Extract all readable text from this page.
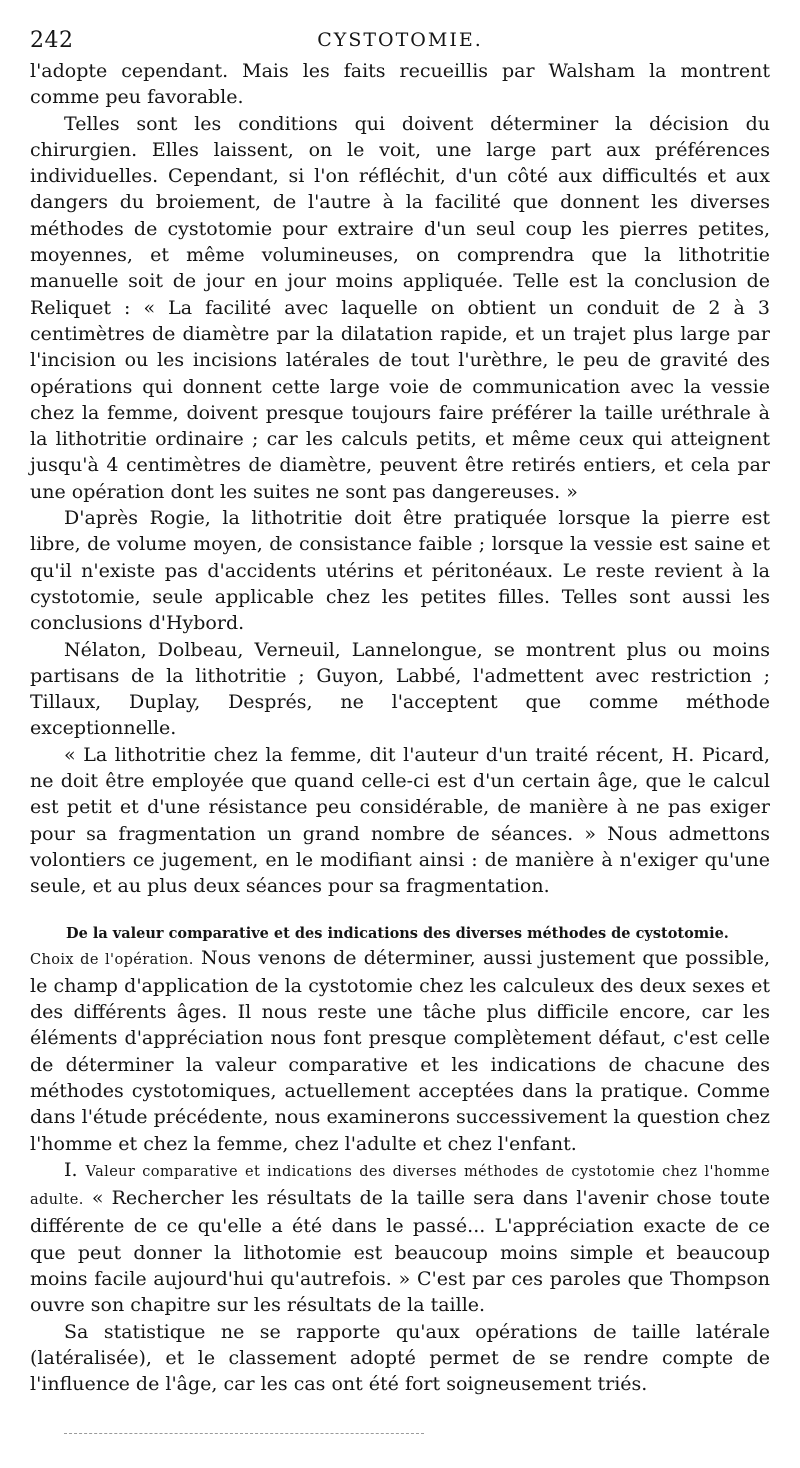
242	CYSTOTOMIE.

l'adopte cependant. Mais les faits recueillis par Walsham la montrent comme peu favorable.

Telles sont les conditions qui doivent déterminer la décision du chirurgien. Elles laissent, on le voit, une large part aux préférences individuelles. Cependant, si l'on réfléchit, d'un côté aux difficultés et aux dangers du broiement, de l'autre à la facilité que donnent les diverses méthodes de cystotomie pour extraire d'un seul coup les pierres petites, moyennes, et même volumineuses, on comprendra que la lithotritie manuelle soit de jour en jour moins appliquée. Telle est la conclusion de Reliquet : « La facilité avec laquelle on obtient un conduit de 2 à 3 centimètres de diamètre par la dilatation rapide, et un trajet plus large par l'incision ou les incisions latérales de tout l'urèthre, le peu de gravité des opérations qui donnent cette large voie de communication avec la vessie chez la femme, doivent presque toujours faire préférer la taille uréthrale à la lithotritie ordinaire ; car les calculs petits, et même ceux qui atteignent jusqu'à 4 centimètres de diamètre, peuvent être retirés entiers, et cela par une opération dont les suites ne sont pas dangereuses. »

D'après Rogie, la lithotritie doit être pratiquée lorsque la pierre est libre, de volume moyen, de consistance faible ; lorsque la vessie est saine et qu'il n'existe pas d'accidents utérins et péritonéaux. Le reste revient à la cystotomie, seule applicable chez les petites filles. Telles sont aussi les conclusions d'Hybord.

Nélaton, Dolbeau, Verneuil, Lannelongue, se montrent plus ou moins partisans de la lithotritie ; Guyon, Labbé, l'admettent avec restriction ; Tillaux, Duplay, Després, ne l'acceptent que comme méthode exceptionnelle.

« La lithotritie chez la femme, dit l'auteur d'un traité récent, H. Picard, ne doit être employée que quand celle-ci est d'un certain âge, que le calcul est petit et d'une résistance peu considérable, de manière à ne pas exiger pour sa fragmentation un grand nombre de séances. » Nous admettons volontiers ce jugement, en le modifiant ainsi : de manière à n'exiger qu'une seule, et au plus deux séances pour sa fragmentation.

De la valeur comparative et des indications des diverses méthodes de cystotomie.

Choix de l'opération. Nous venons de déterminer, aussi justement que possible, le champ d'application de la cystotomie chez les calculeux des deux sexes et des différents âges. Il nous reste une tâche plus difficile encore, car les éléments d'appréciation nous font presque complètement défaut, c'est celle de déterminer la valeur comparative et les indications de chacune des méthodes cystotomiques, actuellement acceptées dans la pratique. Comme dans l'étude précédente, nous examinerons successivement la question chez l'homme et chez la femme, chez l'adulte et chez l'enfant.

I. Valeur comparative et indications des diverses méthodes de cystotomie chez l'homme adulte. « Rechercher les résultats de la taille sera dans l'avenir chose toute différente de ce qu'elle a été dans le passé... L'appréciation exacte de ce que peut donner la lithotomie est beaucoup moins simple et beaucoup moins facile aujourd'hui qu'autrefois. » C'est par ces paroles que Thompson ouvre son chapitre sur les résultats de la taille.

Sa statistique ne se rapporte qu'aux opérations de taille latérale (latéralisée), et le classement adopté permet de se rendre compte de l'influence de l'âge, car les cas ont été fort soigneusement triés.
